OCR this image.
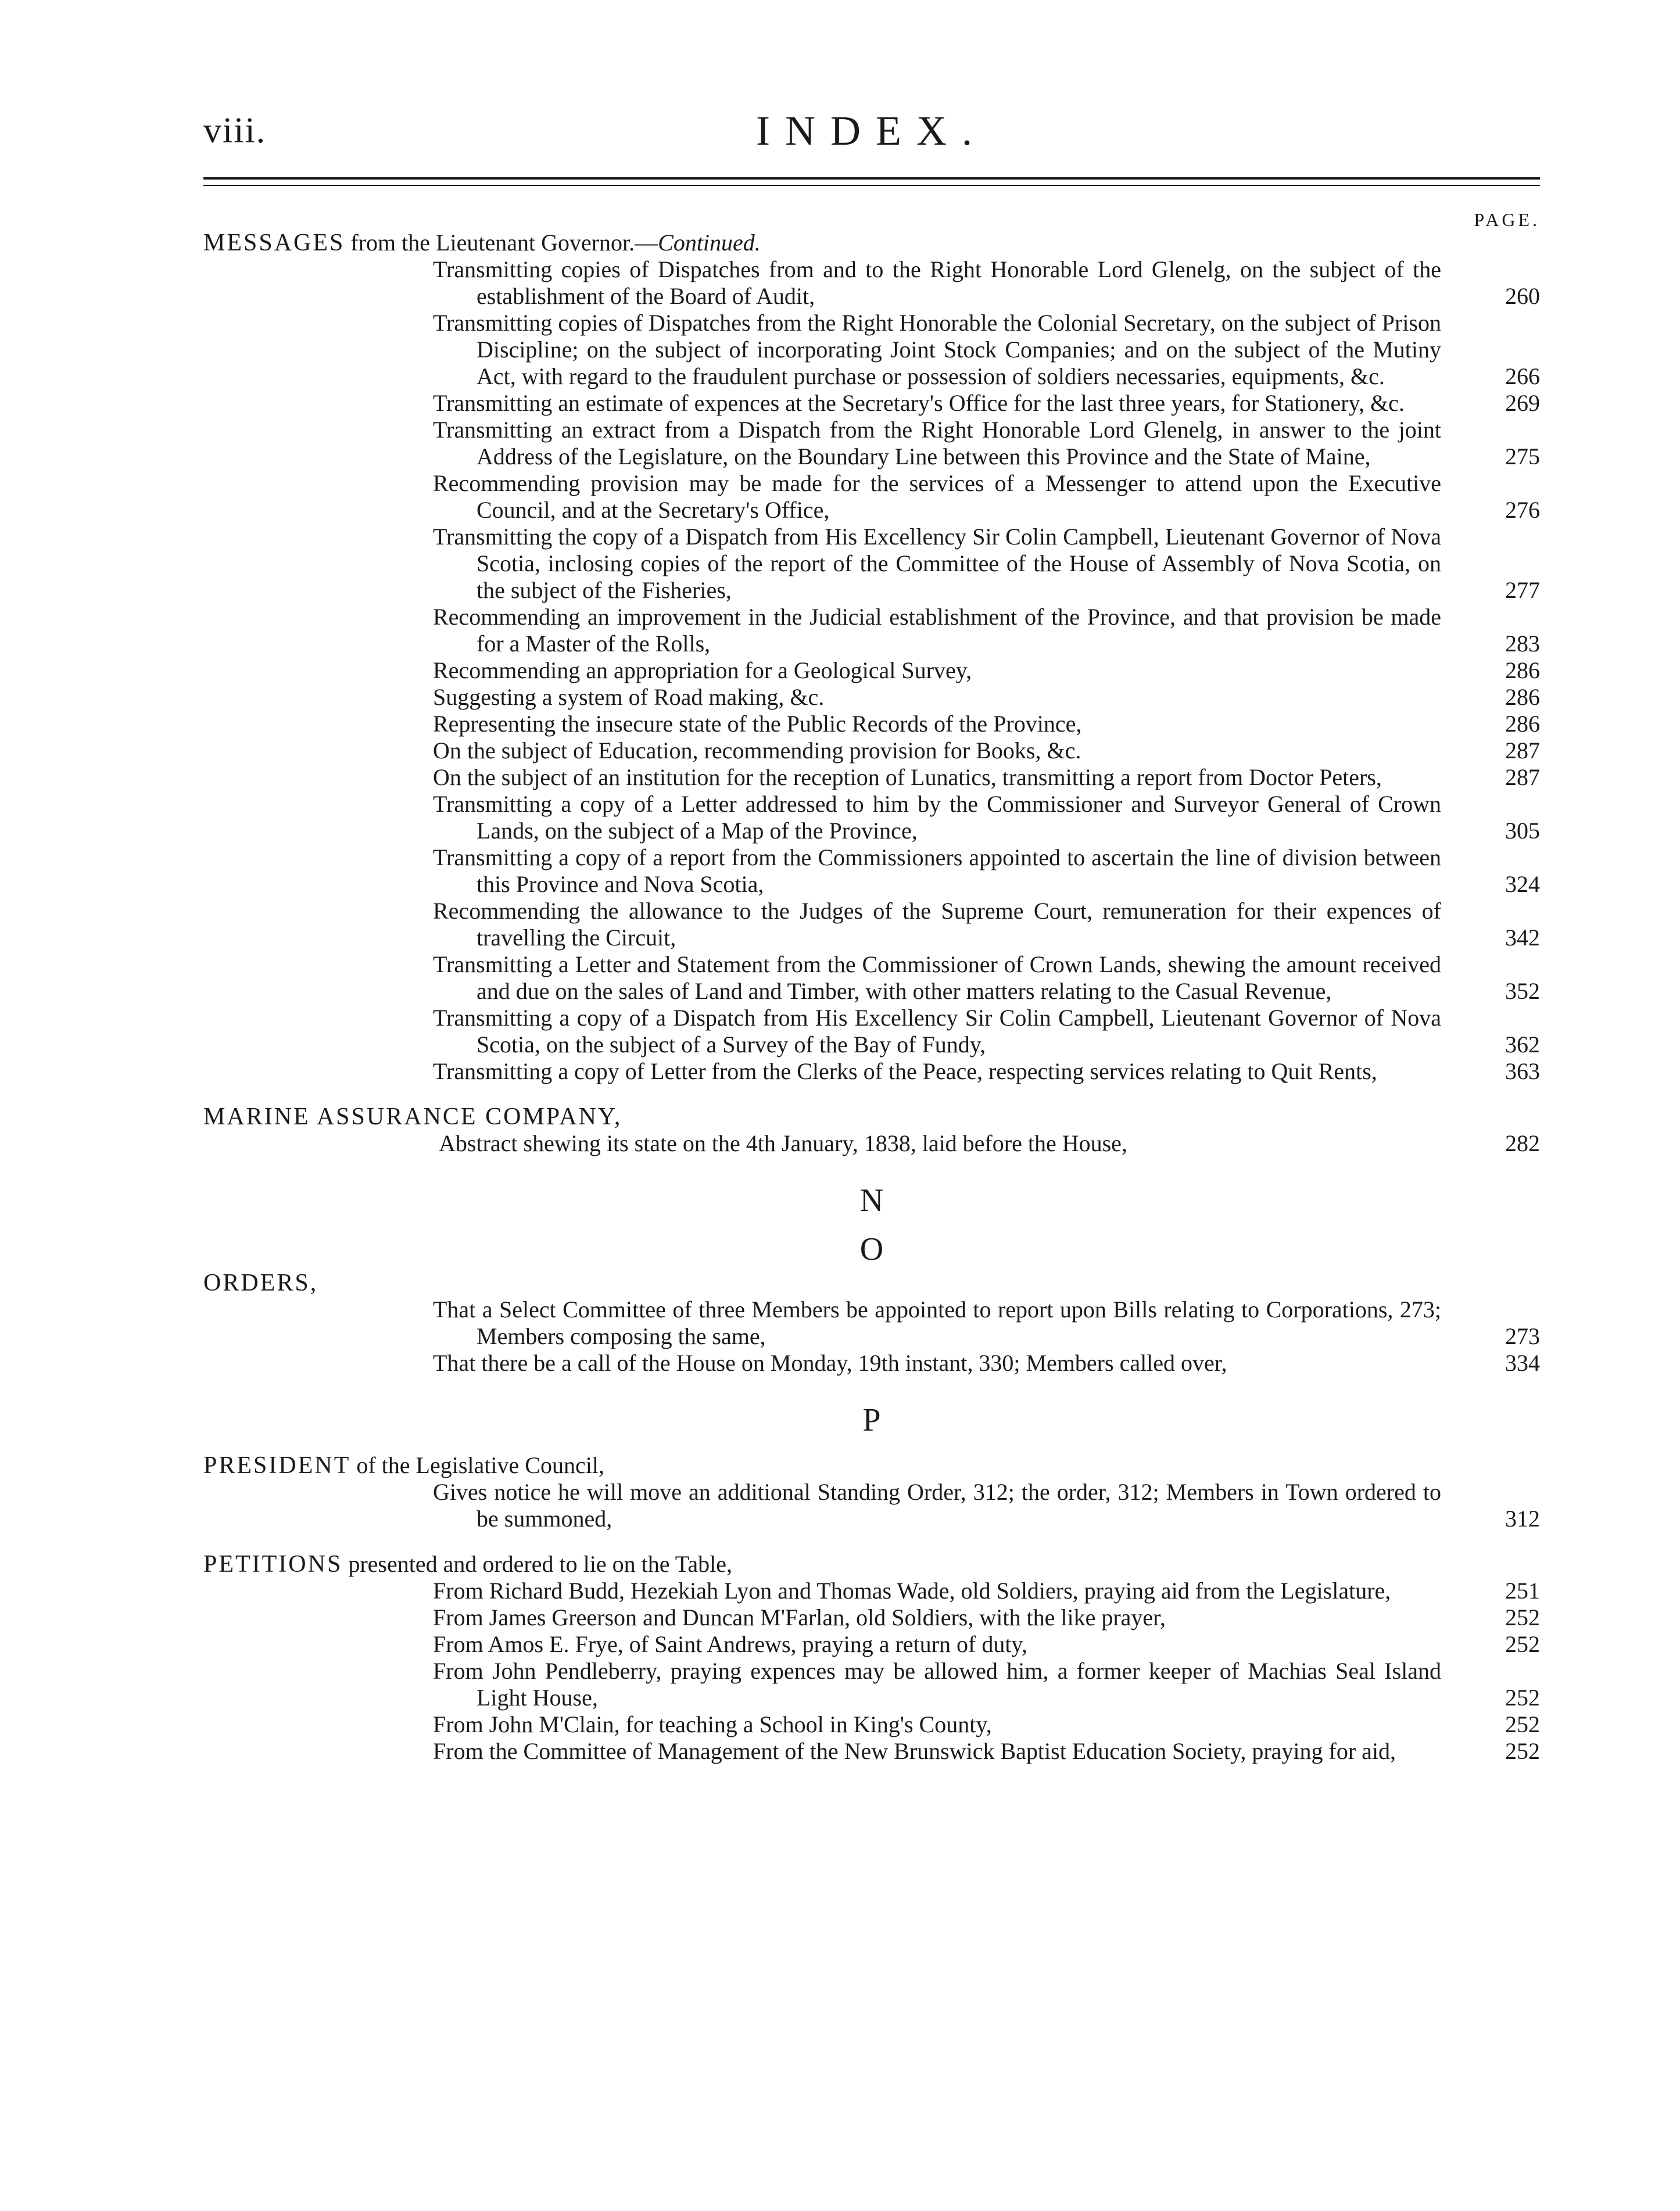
viii.	INDEX.
PAGE.
MESSAGES from the Lieutenant Governor.—Continued.
Transmitting copies of Dispatches from and to the Right Honorable Lord Glenelg, on the subject of the establishment of the Board of Audit,	260
Transmitting copies of Dispatches from the Right Honorable the Colonial Secretary, on the subject of Prison Discipline; on the subject of incorporating Joint Stock Companies; and on the subject of the Mutiny Act, with regard to the fraudulent purchase or possession of soldiers necessaries, equipments, &c.	266
Transmitting an estimate of expences at the Secretary's Office for the last three years, for Stationery, &c.	269
Transmitting an extract from a Dispatch from the Right Honorable Lord Glenelg, in answer to the joint Address of the Legislature, on the Boundary Line between this Province and the State of Maine,	275
Recommending provision may be made for the services of a Messenger to attend upon the Executive Council, and at the Secretary's Office,	276
Transmitting the copy of a Dispatch from His Excellency Sir Colin Campbell, Lieutenant Governor of Nova Scotia, inclosing copies of the report of the Committee of the House of Assembly of Nova Scotia, on the subject of the Fisheries,	277
Recommending an improvement in the Judicial establishment of the Province, and that provision be made for a Master of the Rolls,	283
Recommending an appropriation for a Geological Survey,	286
Suggesting a system of Road making, &c.	286
Representing the insecure state of the Public Records of the Province,	286
On the subject of Education, recommending provision for Books, &c.	287
On the subject of an institution for the reception of Lunatics, transmitting a report from Doctor Peters,	287
Transmitting a copy of a Letter addressed to him by the Commissioner and Surveyor General of Crown Lands, on the subject of a Map of the Province,	305
Transmitting a copy of a report from the Commissioners appointed to ascertain the line of division between this Province and Nova Scotia,	324
Recommending the allowance to the Judges of the Supreme Court, remuneration for their expences of travelling the Circuit,	342
Transmitting a Letter and Statement from the Commissioner of Crown Lands, shewing the amount received and due on the sales of Land and Timber, with other matters relating to the Casual Revenue,	352
Transmitting a copy of a Dispatch from His Excellency Sir Colin Campbell, Lieutenant Governor of Nova Scotia, on the subject of a Survey of the Bay of Fundy,	362
Transmitting a copy of Letter from the Clerks of the Peace, respecting services relating to Quit Rents,	363
MARINE ASSURANCE COMPANY,
Abstract shewing its state on the 4th January, 1838, laid before the House,	282
N
O
ORDERS,
That a Select Committee of three Members be appointed to report upon Bills relating to Corporations, 273; Members composing the same,	273
That there be a call of the House on Monday, 19th instant, 330; Members called over,	334
P
PRESIDENT of the Legislative Council,
Gives notice he will move an additional Standing Order, 312; the order, 312; Members in Town ordered to be summoned,	312
PETITIONS presented and ordered to lie on the Table,
From Richard Budd, Hezekiah Lyon and Thomas Wade, old Soldiers, praying aid from the Legislature,	251
From James Greerson and Duncan M'Farlan, old Soldiers, with the like prayer,	252
From Amos E. Frye, of Saint Andrews, praying a return of duty,	252
From John Pendleberry, praying expences may be allowed him, a former keeper of Machias Seal Island Light House,	252
From John M'Clain, for teaching a School in King's County,	252
From the Committee of Management of the New Brunswick Baptist Education Society, praying for aid,	252
